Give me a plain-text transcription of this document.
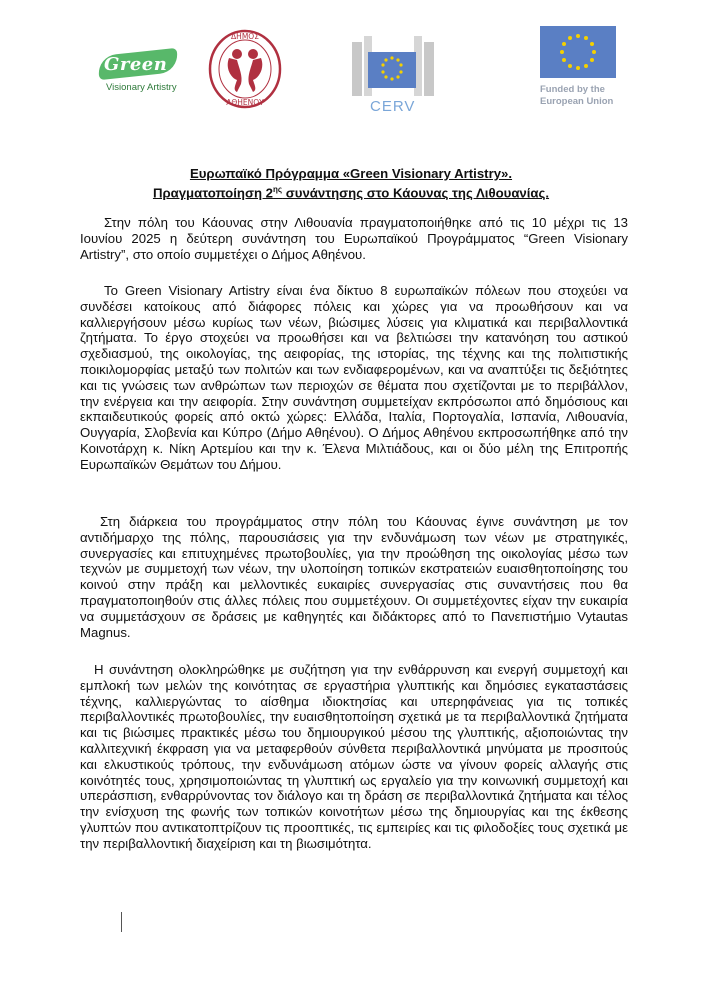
Green
Visionary Artistry
ΔΗΜΟΣ
ΑΘΗΕΝΟΥ	CERV
Funded by the
European Union
Ευρωπαϊκό Πρόγραμμα «Green Visionary Artistry».
Πραγματοποίηση $2^{\eta\varsigma}$ συνάντησης στο Κάουνας της Λιθουανίας.

Στην πόλη του Κάουνας στην Λιθουανία πραγματοποιήθηκε από τις 10 μέχρι τις 13 Ιουνίου 2025 η δεύτερη συνάντηση του Ευρωπαϊκού Προγράμματος “Green Visionary Artistry”, στο οποίο συμμετέχει ο Δήμος Αθηένου.

Το Green Visionary Artistry είναι ένα δίκτυο 8 ευρωπαϊκών πόλεων που στοχεύει να συνδέσει κατοίκους από διάφορες πόλεις και χώρες για να προωθήσουν και να καλλιεργήσουν μέσω κυρίως των νέων, βιώσιμες λύσεις για κλιματικά και περιβαλλοντικά ζητήματα. Το έργο στοχεύει να προωθήσει και να βελτιώσει την κατανόηση του αστικού σχεδιασμού, της οικολογίας, της αειφορίας, της ιστορίας, της τέχνης και της πολιτιστικής ποικιλομορφίας μεταξύ των πολιτών και των ενδιαφερομένων, και να αναπτύξει τις δεξιότητες και τις γνώσεις των ανθρώπων των περιοχών σε θέματα που σχετίζονται με το περιβάλλον, την ενέργεια και την αειφορία. Στην συνάντηση συμμετείχαν εκπρόσωποι από δημόσιους και εκπαιδευτικούς φορείς από οκτώ χώρες: Ελλάδα, Ιταλία, Πορτογαλία, Ισπανία, Λιθουανία, Ουγγαρία, Σλοβενία και Κύπρο (Δήμο Αθηένου). Ο Δήμος Αθηένου εκπροσωπήθηκε από την Κοινοτάρχη κ. Νίκη Αρτεμίου και την κ. Έλενα Μιλτιάδους, και οι δύο μέλη της Επιτροπής Ευρωπαϊκών Θεμάτων του Δήμου.

Στη διάρκεια του προγράμματος στην πόλη του Κάουνας έγινε συνάντηση με τον αντιδήμαρχο της πόλης, παρουσιάσεις για την ενδυνάμωση των νέων με στρατηγικές, συνεργασίες και επιτυχημένες πρωτοβουλίες, για την προώθηση της οικολογίας μέσω των τεχνών με συμμετοχή των νέων, την υλοποίηση τοπικών εκστρατειών ευαισθητοποίησης του κοινού στην πράξη και μελλοντικές ευκαιρίες συνεργασίας στις συναντήσεις που θα πραγματοποιηθούν στις άλλες πόλεις που συμμετέχουν. Οι συμμετέχοντες είχαν την ευκαιρία να συμμετάσχουν σε δράσεις με καθηγητές και διδάκτορες από το Πανεπιστήμιο Vytautas Magnus.

Η συνάντηση ολοκληρώθηκε με συζήτηση για την ενθάρρυνση και ενεργή συμμετοχή και εμπλοκή των μελών της κοινότητας σε εργαστήρια γλυπτικής και δημόσιες εγκαταστάσεις τέχνης, καλλιεργώντας το αίσθημα ιδιοκτησίας και υπερηφάνειας για τις τοπικές περιβαλλοντικές πρωτοβουλίες, την ευαισθητοποίηση σχετικά με τα περιβαλλοντικά ζητήματα και τις βιώσιμες πρακτικές μέσω του δημιουργικού μέσου της γλυπτικής, αξιοποιώντας την καλλιτεχνική έκφραση για να μεταφερθούν σύνθετα περιβαλλοντικά μηνύματα με προσιτούς και ελκυστικούς τρόπους, την ενδυνάμωση ατόμων ώστε να γίνουν φορείς αλλαγής στις κοινότητές τους, χρησιμοποιώντας τη γλυπτική ως εργαλείο για την κοινωνική συμμετοχή και υπεράσπιση, ενθαρρύνοντας τον διάλογο και τη δράση σε περιβαλλοντικά ζητήματα και τέλος την ενίσχυση της φωνής των τοπικών κοινοτήτων μέσω της δημιουργίας και της έκθεσης γλυπτών που αντικατοπτρίζουν τις προοπτικές, τις εμπειρίες και τις φιλοδοξίες τους σχετικά με την περιβαλλοντική διαχείριση και τη βιωσιμότητα.
